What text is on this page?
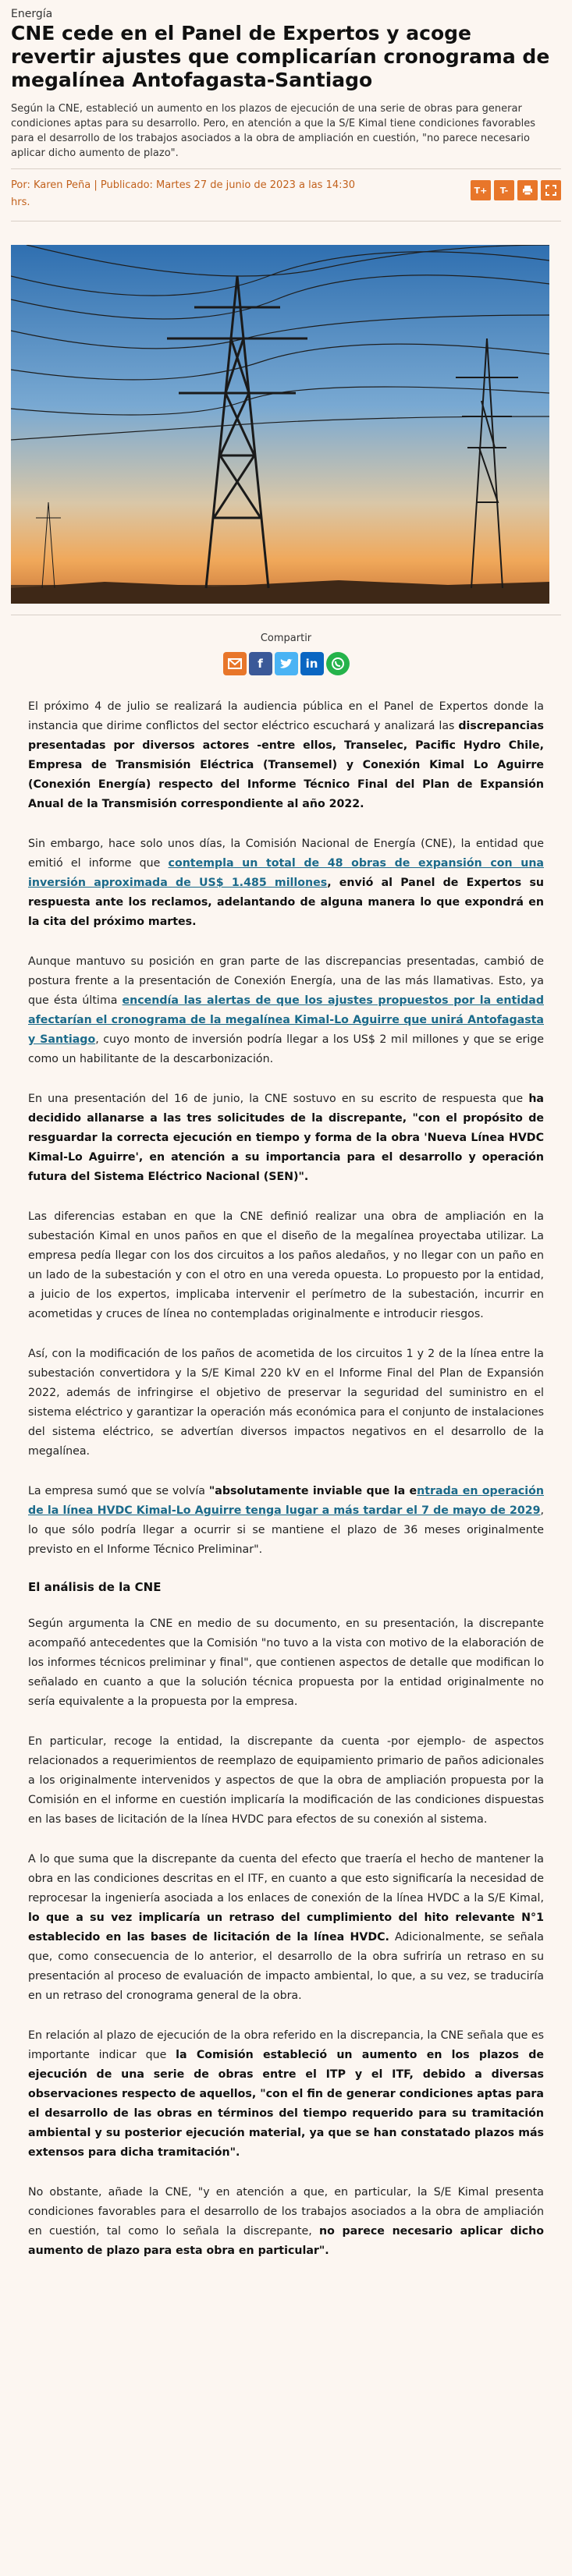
Energía
CNE cede en el Panel de Expertos y acoge revertir ajustes que complicarían cronograma de megalínea Antofagasta-Santiago

Según la CNE, estableció un aumento en los plazos de ejecución de una serie de obras para generar condiciones aptas para su desarrollo. Pero, en atención a que la S/E Kimal tiene condiciones favorables para el desarrollo de los trabajos asociados a la obra de ampliación en cuestión, "no parece necesario aplicar dicho aumento de plazo".

Por: Karen Peña | Publicado: Martes 27 de junio de 2023 a las 14:30
hrs.
T+	T-
Compartir
f	in

El próximo 4 de julio se realizará la audiencia pública en el Panel de Expertos donde la instancia que dirime conflictos del sector eléctrico escuchará y analizará las discrepancias presentadas por diversos actores -entre ellos, Transelec, Pacific Hydro Chile, Empresa de Transmisión Eléctrica (Transemel) y Conexión Kimal Lo Aguirre (Conexión Energía) respecto del Informe Técnico Final del Plan de Expansión Anual de la Transmisión correspondiente al año 2022.

Sin embargo, hace solo unos días, la Comisión Nacional de Energía (CNE), la entidad que emitió el informe que contempla un total de 48 obras de expansión con una inversión aproximada de US$ 1.485 millones, envió al Panel de Expertos su respuesta ante los reclamos, adelantando de alguna manera lo que expondrá en la cita del próximo martes.

Aunque mantuvo su posición en gran parte de las discrepancias presentadas, cambió de postura frente a la presentación de Conexión Energía, una de las más llamativas. Esto, ya que ésta última encendía las alertas de que los ajustes propuestos por la entidad afectarían el cronograma de la megalínea Kimal-Lo Aguirre que unirá Antofagasta y Santiago, cuyo monto de inversión podría llegar a los US$ 2 mil millones y que se erige como un habilitante de la descarbonización.

En una presentación del 16 de junio, la CNE sostuvo en su escrito de respuesta que ha decidido allanarse a las tres solicitudes de la discrepante, "con el propósito de resguardar la correcta ejecución en tiempo y forma de la obra 'Nueva Línea HVDC Kimal-Lo Aguirre', en atención a su importancia para el desarrollo y operación futura del Sistema Eléctrico Nacional (SEN)".

Las diferencias estaban en que la CNE definió realizar una obra de ampliación en la subestación Kimal en unos paños en que el diseño de la megalínea proyectaba utilizar. La empresa pedía llegar con los dos circuitos a los paños aledaños, y no llegar con un paño en un lado de la subestación y con el otro en una vereda opuesta. Lo propuesto por la entidad, a juicio de los expertos, implicaba intervenir el perímetro de la subestación, incurrir en acometidas y cruces de línea no contempladas originalmente e introducir riesgos.

Así, con la modificación de los paños de acometida de los circuitos 1 y 2 de la línea entre la subestación convertidora y la S/E Kimal 220 kV en el Informe Final del Plan de Expansión 2022, además de infringirse el objetivo de preservar la seguridad del suministro en el sistema eléctrico y garantizar la operación más económica para el conjunto de instalaciones del sistema eléctrico, se advertían diversos impactos negativos en el desarrollo de la megalínea.

La empresa sumó que se volvía "absolutamente inviable que la entrada en operación de la línea HVDC Kimal-Lo Aguirre tenga lugar a más tardar el 7 de mayo de 2029, lo que sólo podría llegar a ocurrir si se mantiene el plazo de 36 meses originalmente previsto en el Informe Técnico Preliminar".

El análisis de la CNE

Según argumenta la CNE en medio de su documento, en su presentación, la discrepante acompañó antecedentes que la Comisión "no tuvo a la vista con motivo de la elaboración de los informes técnicos preliminar y final", que contienen aspectos de detalle que modifican lo señalado en cuanto a que la solución técnica propuesta por la entidad originalmente no sería equivalente a la propuesta por la empresa.

En particular, recoge la entidad, la discrepante da cuenta -por ejemplo- de aspectos relacionados a requerimientos de reemplazo de equipamiento primario de paños adicionales a los originalmente intervenidos y aspectos de que la obra de ampliación propuesta por la Comisión en el informe en cuestión implicaría la modificación de las condiciones dispuestas en las bases de licitación de la línea HVDC para efectos de su conexión al sistema.

A lo que suma que la discrepante da cuenta del efecto que traería el hecho de mantener la obra en las condiciones descritas en el ITF, en cuanto a que esto significaría la necesidad de reprocesar la ingeniería asociada a los enlaces de conexión de la línea HVDC a la S/E Kimal, lo que a su vez implicaría un retraso del cumplimiento del hito relevante N°1 establecido en las bases de licitación de la línea HVDC. Adicionalmente, se señala que, como consecuencia de lo anterior, el desarrollo de la obra sufriría un retraso en su presentación al proceso de evaluación de impacto ambiental, lo que, a su vez, se traduciría en un retraso del cronograma general de la obra.

En relación al plazo de ejecución de la obra referido en la discrepancia, la CNE señala que es importante indicar que la Comisión estableció un aumento en los plazos de ejecución de una serie de obras entre el ITP y el ITF, debido a diversas observaciones respecto de aquellos, "con el fin de generar condiciones aptas para el desarrollo de las obras en términos del tiempo requerido para su tramitación ambiental y su posterior ejecución material, ya que se han constatado plazos más extensos para dicha tramitación".

No obstante, añade la CNE, "y en atención a que, en particular, la S/E Kimal presenta condiciones favorables para el desarrollo de los trabajos asociados a la obra de ampliación en cuestión, tal como lo señala la discrepante, no parece necesario aplicar dicho aumento de plazo para esta obra en particular".
